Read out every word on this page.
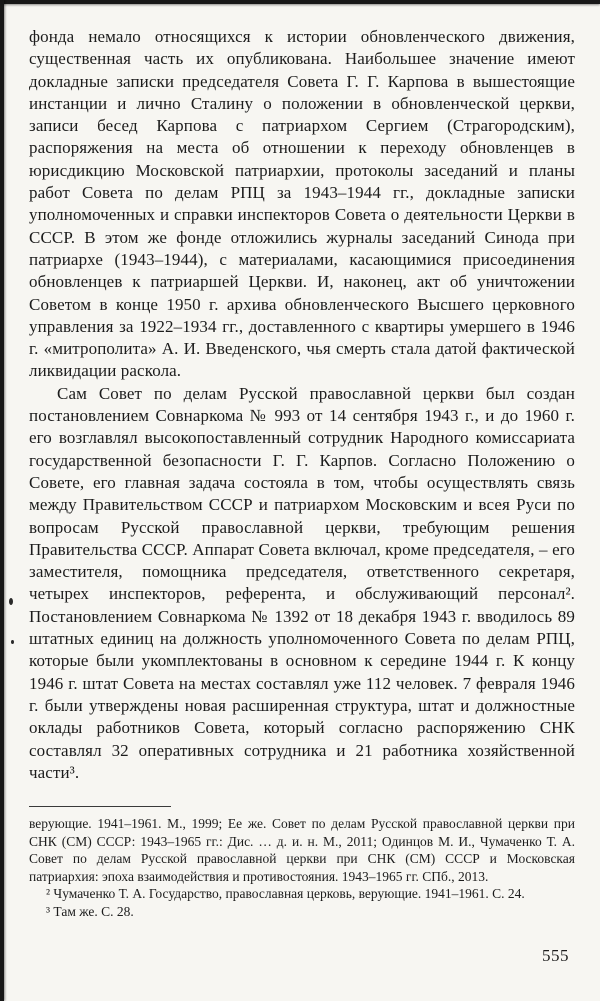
фонда немало относящихся к истории обновленческого движения, существенная часть их опубликована. Наибольшее значение имеют докладные записки председателя Совета Г. Г. Карпова в вышестоящие инстанции и лично Сталину о положении в обновленческой церкви, записи бесед Карпова с патриархом Сергием (Страгородским), распоряжения на места об отношении к переходу обновленцев в юрисдикцию Московской патриархии, протоколы заседаний и планы работ Совета по делам РПЦ за 1943–1944 гг., докладные записки уполномоченных и справки инспекторов Совета о деятельности Церкви в СССР. В этом же фонде отложились журналы заседаний Синода при патриархе (1943–1944), с материалами, касающимися присоединения обновленцев к патриаршей Церкви. И, наконец, акт об уничтожении Советом в конце 1950 г. архива обновленческого Высшего церковного управления за 1922–1934 гг., доставленного с квартиры умершего в 1946 г. «митрополита» А. И. Введенского, чья смерть стала датой фактической ликвидации раскола.

Сам Совет по делам Русской православной церкви был создан постановлением Совнаркома № 993 от 14 сентября 1943 г., и до 1960 г. его возглавлял высокопоставленный сотрудник Народного комиссариата государственной безопасности Г. Г. Карпов. Согласно Положению о Совете, его главная задача состояла в том, чтобы осуществлять связь между Правительством СССР и патриархом Московским и всея Руси по вопросам Русской православной церкви, требующим решения Правительства СССР. Аппарат Совета включал, кроме председателя, – его заместителя, помощника председателя, ответственного секретаря, четырех инспекторов, референта, и обслуживающий персонал². Постановлением Совнаркома № 1392 от 18 декабря 1943 г. вводилось 89 штатных единиц на должность уполномоченного Совета по делам РПЦ, которые были укомплектованы в основном к середине 1944 г. К концу 1946 г. штат Совета на местах составлял уже 112 человек. 7 февраля 1946 г. были утверждены новая расширенная структура, штат и должностные оклады работников Совета, который согласно распоряжению СНК составлял 32 оперативных сотрудника и 21 работника хозяйственной части³.

верующие. 1941–1961. М., 1999; Ее же. Совет по делам Русской православной церкви при СНК (СМ) СССР: 1943–1965 гг.: Дис. … д. и. н. М., 2011; Одинцов М. И., Чумаченко Т. А. Совет по делам Русской православной церкви при СНК (СМ) СССР и Московская патриархия: эпоха взаимодействия и противостояния. 1943–1965 гг. СПб., 2013.

² Чумаченко Т. А. Государство, православная церковь, верующие. 1941–1961. С. 24.

³ Там же. С. 28.

555
